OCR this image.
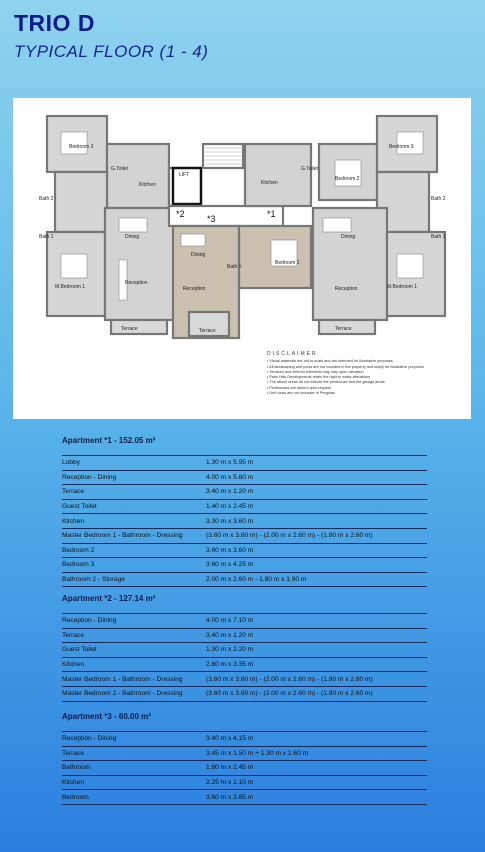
TRIO D
TYPICAL FLOOR (1 - 4)
Bedroom 3
G.Toilet
Kitchen
LIFT
Bath 2
Bath 1	Dining
M.Bedroom 1
Reception
Terrace
Dining
Reception
Bath 1
Bedroom 1
Terrace
Kitchen
G.Toilet
Bedroom 2
Bedroom 3
Bath 2
Bath 1
Dining
Reception	M.Bedroom 1
Terrace
*2 *3	*1
DISCLAIMER
• Visual materials are not to scale and are intended for illustrative purposes
• All landscaping and pools are not included in the property and solely for illustrative purposes
• Terraces and exterior elements may vary upon elevation
• Palm Hills Developments retain the right to make alterations
• The above areas do not include the penthouse and the garage areas
• Penthouses are added upon request
• Unit costs are not inclusive of Pergolas
Apartment *1 - 152.05 m²
Lobby	1.30 m x 5.95 m
Reception - Dining	4.00 m x 5.80 m
Terrace	3.40 m x 1.20 m
Guest Toilet	1.40 m x 2.45 m
Kitchen	3.30 m x 3.60 m
Master Bedroom 1 - Bathroom - Dressing	(3.60 m x 3.60 m) - (2.00 m x 2.60 m) - (1.80 m x 2.60 m)
Bedroom 2	3.60 m x 3.60 m
Bedroom 3	3.60 m x 4.25 m
Bathroom 2 - Storage	2.00 m x 2.60 m - 1.80 m x 1.90 m
Apartment *2 - 127.14 m²
Reception - Dining	4.00 m x 7.10 m
Terrace	3.40 m x 1.20 m
Guest Toilet	1.30 m x 2.20 m
Kitchen	2.60 m x 3.35 m
Master Bedroom 1 - Bathroom - Dressing	(3.60 m x 3.60 m) - (2.00 m x 2.60 m) - (1.80 m x 2.60 m)
Master Bedroom 2 - Bathroom - Dressing	(3.60 m x 3.60 m) - (2.00 m x 2.60 m) - (1.80 m x 2.60 m)
Apartment *3 - 60.00 m²
Reception - Dining	3.40 m x 4.15 m
Terrace	3.45 m x 1.50 m + 1.30 m x 1.60 m
Bathroom	1.80 m x 2.45 m
Kitchen	2.25 m x 1.10 m
Bedroom	3.60 m x 3.65 m
